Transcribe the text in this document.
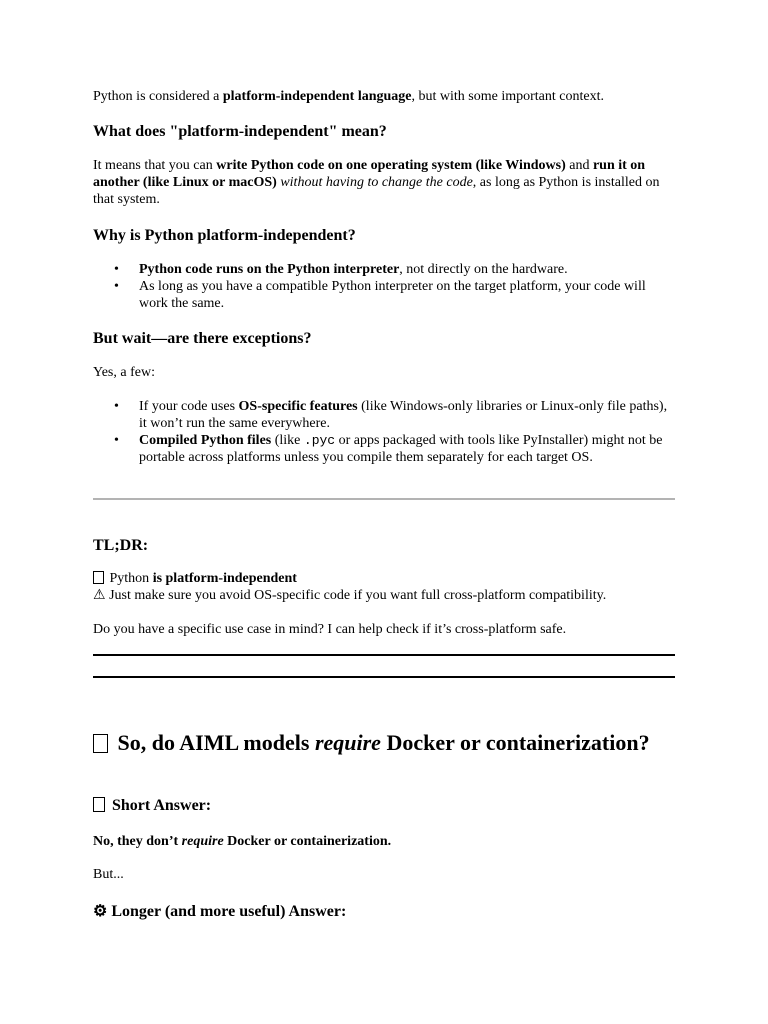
Python is considered a platform-independent language, but with some important context.

What does "platform-independent" mean?

It means that you can write Python code on one operating system (like Windows) and run it on another (like Linux or macOS) without having to change the code, as long as Python is installed on that system.

Why is Python platform-independent?
• Python code runs on the Python interpreter, not directly on the hardware.
• As long as you have a compatible Python interpreter on the target platform, your code will work the same.
But wait—are there exceptions?

Yes, a few:

• If your code uses OS-specific features (like Windows-only libraries or Linux-only file paths), it won’t run the same everywhere.
• Compiled Python files (like .pyc or apps packaged with tools like PyInstaller) might not be portable across platforms unless you compile them separately for each target OS.
TL;DR:

Python is platform-independent
⚠ Just make sure you avoid OS-specific code if you want full cross-platform compatibility.

Do you have a specific use case in mind? I can help check if it’s cross-platform safe.

So, do AIML models require Docker or containerization?
Short Answer:
No, they don’t require Docker or containerization.

But...

⚙ Longer (and more useful) Answer:
